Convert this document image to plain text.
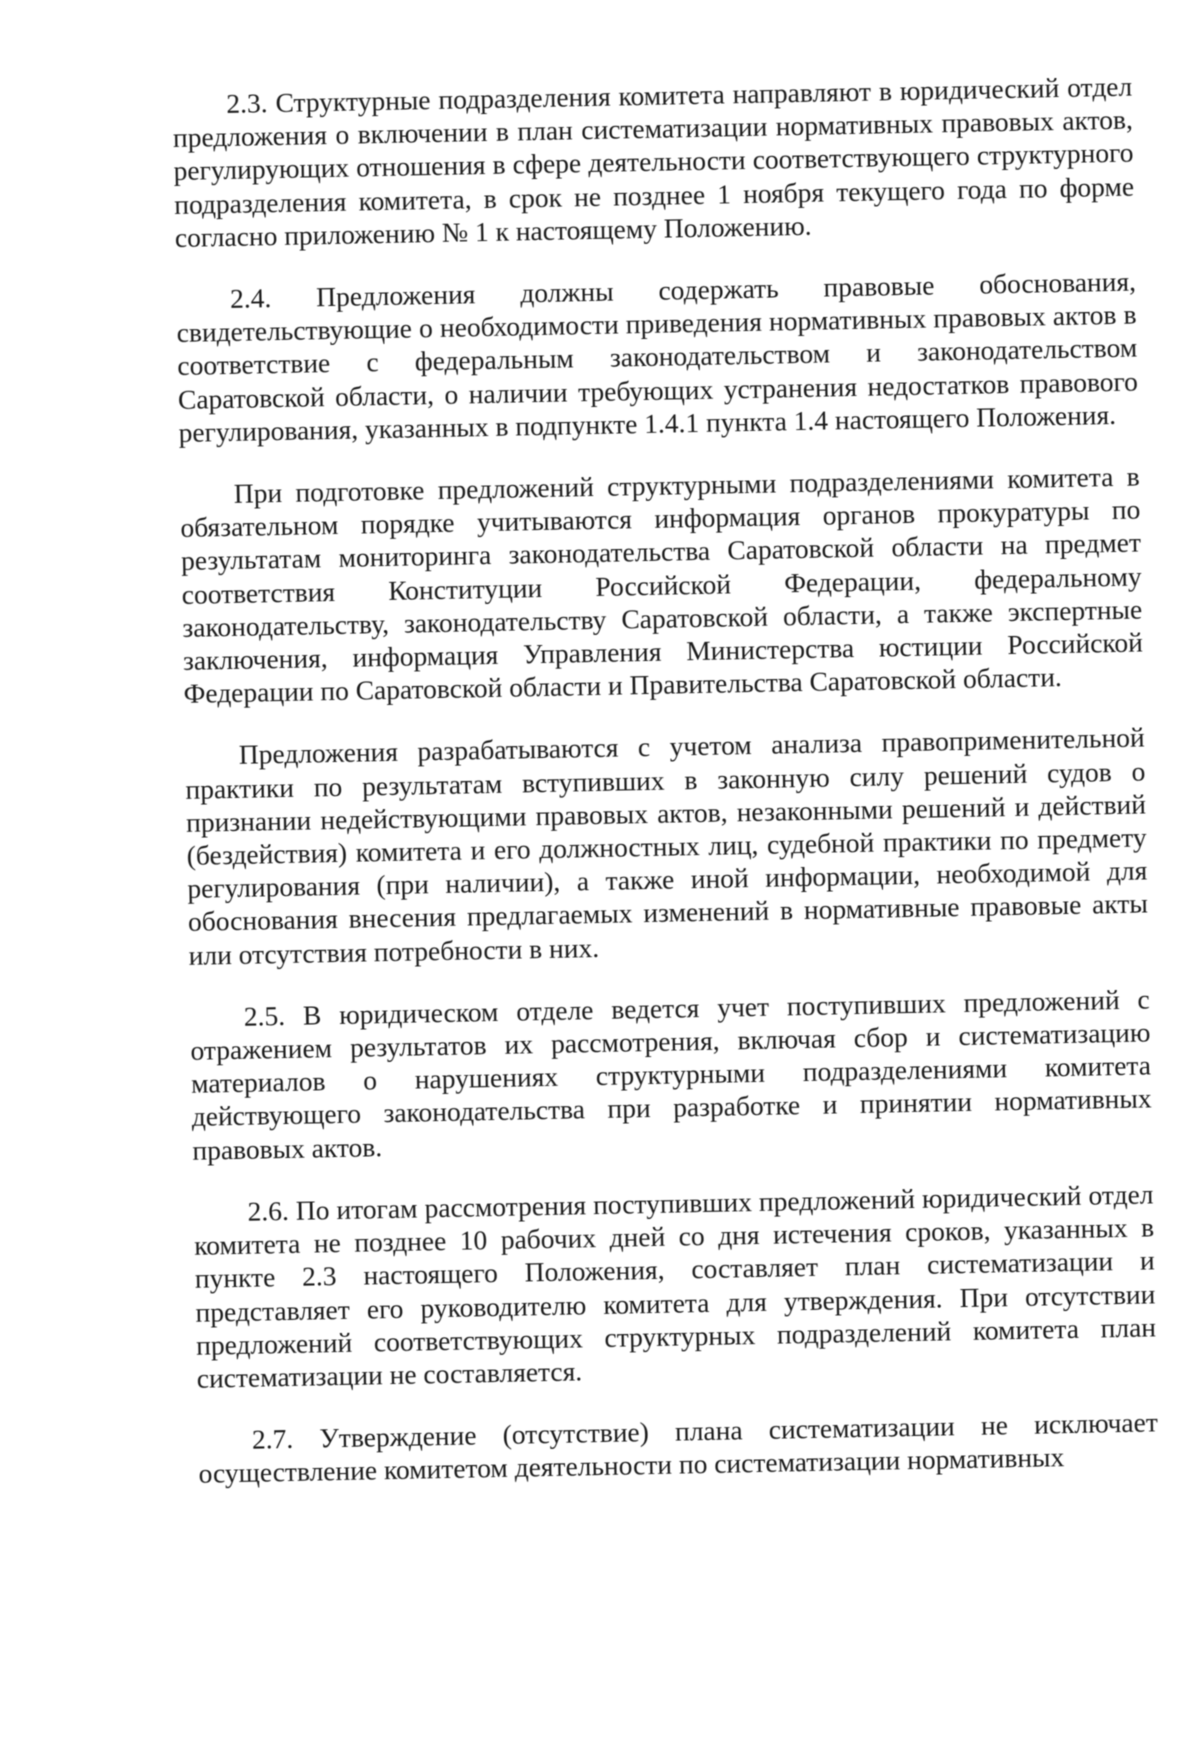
2.3. Структурные подразделения комитета направляют в юридический отдел предложения о включении в план систематизации нормативных правовых актов, регулирующих отношения в сфере деятельности соответствующего структурного подразделения комитета, в срок не позднее 1 ноября текущего года по форме согласно приложению № 1 к настоящему Положению.

2.4. Предложения должны содержать правовые обоснования, свидетельствующие о необходимости приведения нормативных правовых актов в соответствие с федеральным законодательством и законодательством Саратовской области, о наличии требующих устранения недостатков правового регулирования, указанных в подпункте 1.4.1 пункта 1.4 настоящего Положения.

При подготовке предложений структурными подразделениями комитета в обязательном порядке учитываются информация органов прокуратуры по результатам мониторинга законодательства Саратовской области на предмет соответствия Конституции Российской Федерации, федеральному законодательству, законодательству Саратовской области, а также экспертные заключения, информация Управления Министерства юстиции Российской Федерации по Саратовской области и Правительства Саратовской области.

Предложения разрабатываются с учетом анализа правоприменительной практики по результатам вступивших в законную силу решений судов о признании недействующими правовых актов, незаконными решений и действий (бездействия) комитета и его должностных лиц, судебной практики по предмету регулирования (при наличии), а также иной информации, необходимой для обоснования внесения предлагаемых изменений в нормативные правовые акты или отсутствия потребности в них.

2.5. В юридическом отделе ведется учет поступивших предложений с отражением результатов их рассмотрения, включая сбор и систематизацию материалов о нарушениях структурными подразделениями комитета действующего законодательства при разработке и принятии нормативных правовых актов.

2.6. По итогам рассмотрения поступивших предложений юридический отдел комитета не позднее 10 рабочих дней со дня истечения сроков, указанных в пункте 2.3 настоящего Положения, составляет план систематизации и представляет его руководителю комитета для утверждения. При отсутствии предложений соответствующих структурных подразделений комитета план систематизации не составляется.

2.7. Утверждение (отсутствие) плана систематизации не исключает осуществление комитетом деятельности по систематизации нормативных
